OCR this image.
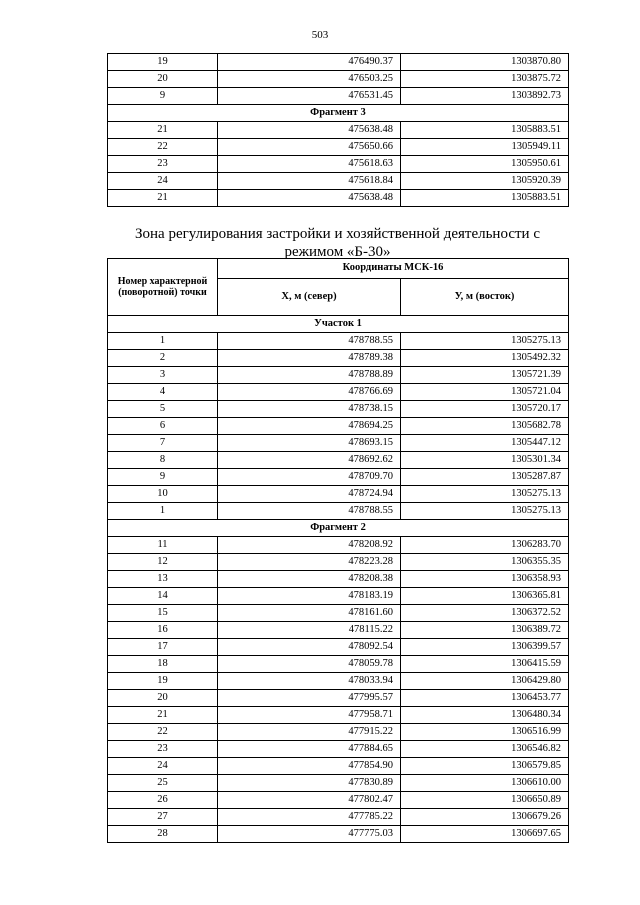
503
19	476490.37	1303870.80
20	476503.25	1303875.72
9	476531.45	1303892.73
Фрагмент 3		
21	475638.48	1305883.51
22	475650.66	1305949.11
23	475618.63	1305950.61
24	475618.84	1305920.39
21	475638.48	1305883.51
Зона регулирования застройки и хозяйственной деятельности с
режимом «Б-30»
Номер характерной (поворотной) точки	Координаты МСК-16	
	Х, м (север)	У, м (восток)
Участок 1		
1	478788.55	1305275.13
2	478789.38	1305492.32
3	478788.89	1305721.39
4	478766.69	1305721.04
5	478738.15	1305720.17
6	478694.25	1305682.78
7	478693.15	1305447.12
8	478692.62	1305301.34
9	478709.70	1305287.87
10	478724.94	1305275.13
1	478788.55	1305275.13
Фрагмент 2		
11	478208.92	1306283.70
12	478223.28	1306355.35
13	478208.38	1306358.93
14	478183.19	1306365.81
15	478161.60	1306372.52
16	478115.22	1306389.72
17	478092.54	1306399.57
18	478059.78	1306415.59
19	478033.94	1306429.80
20	477995.57	1306453.77
21	477958.71	1306480.34
22	477915.22	1306516.99
23	477884.65	1306546.82
24	477854.90	1306579.85
25	477830.89	1306610.00
26	477802.47	1306650.89
27	477785.22	1306679.26
28	477775.03	1306697.65
